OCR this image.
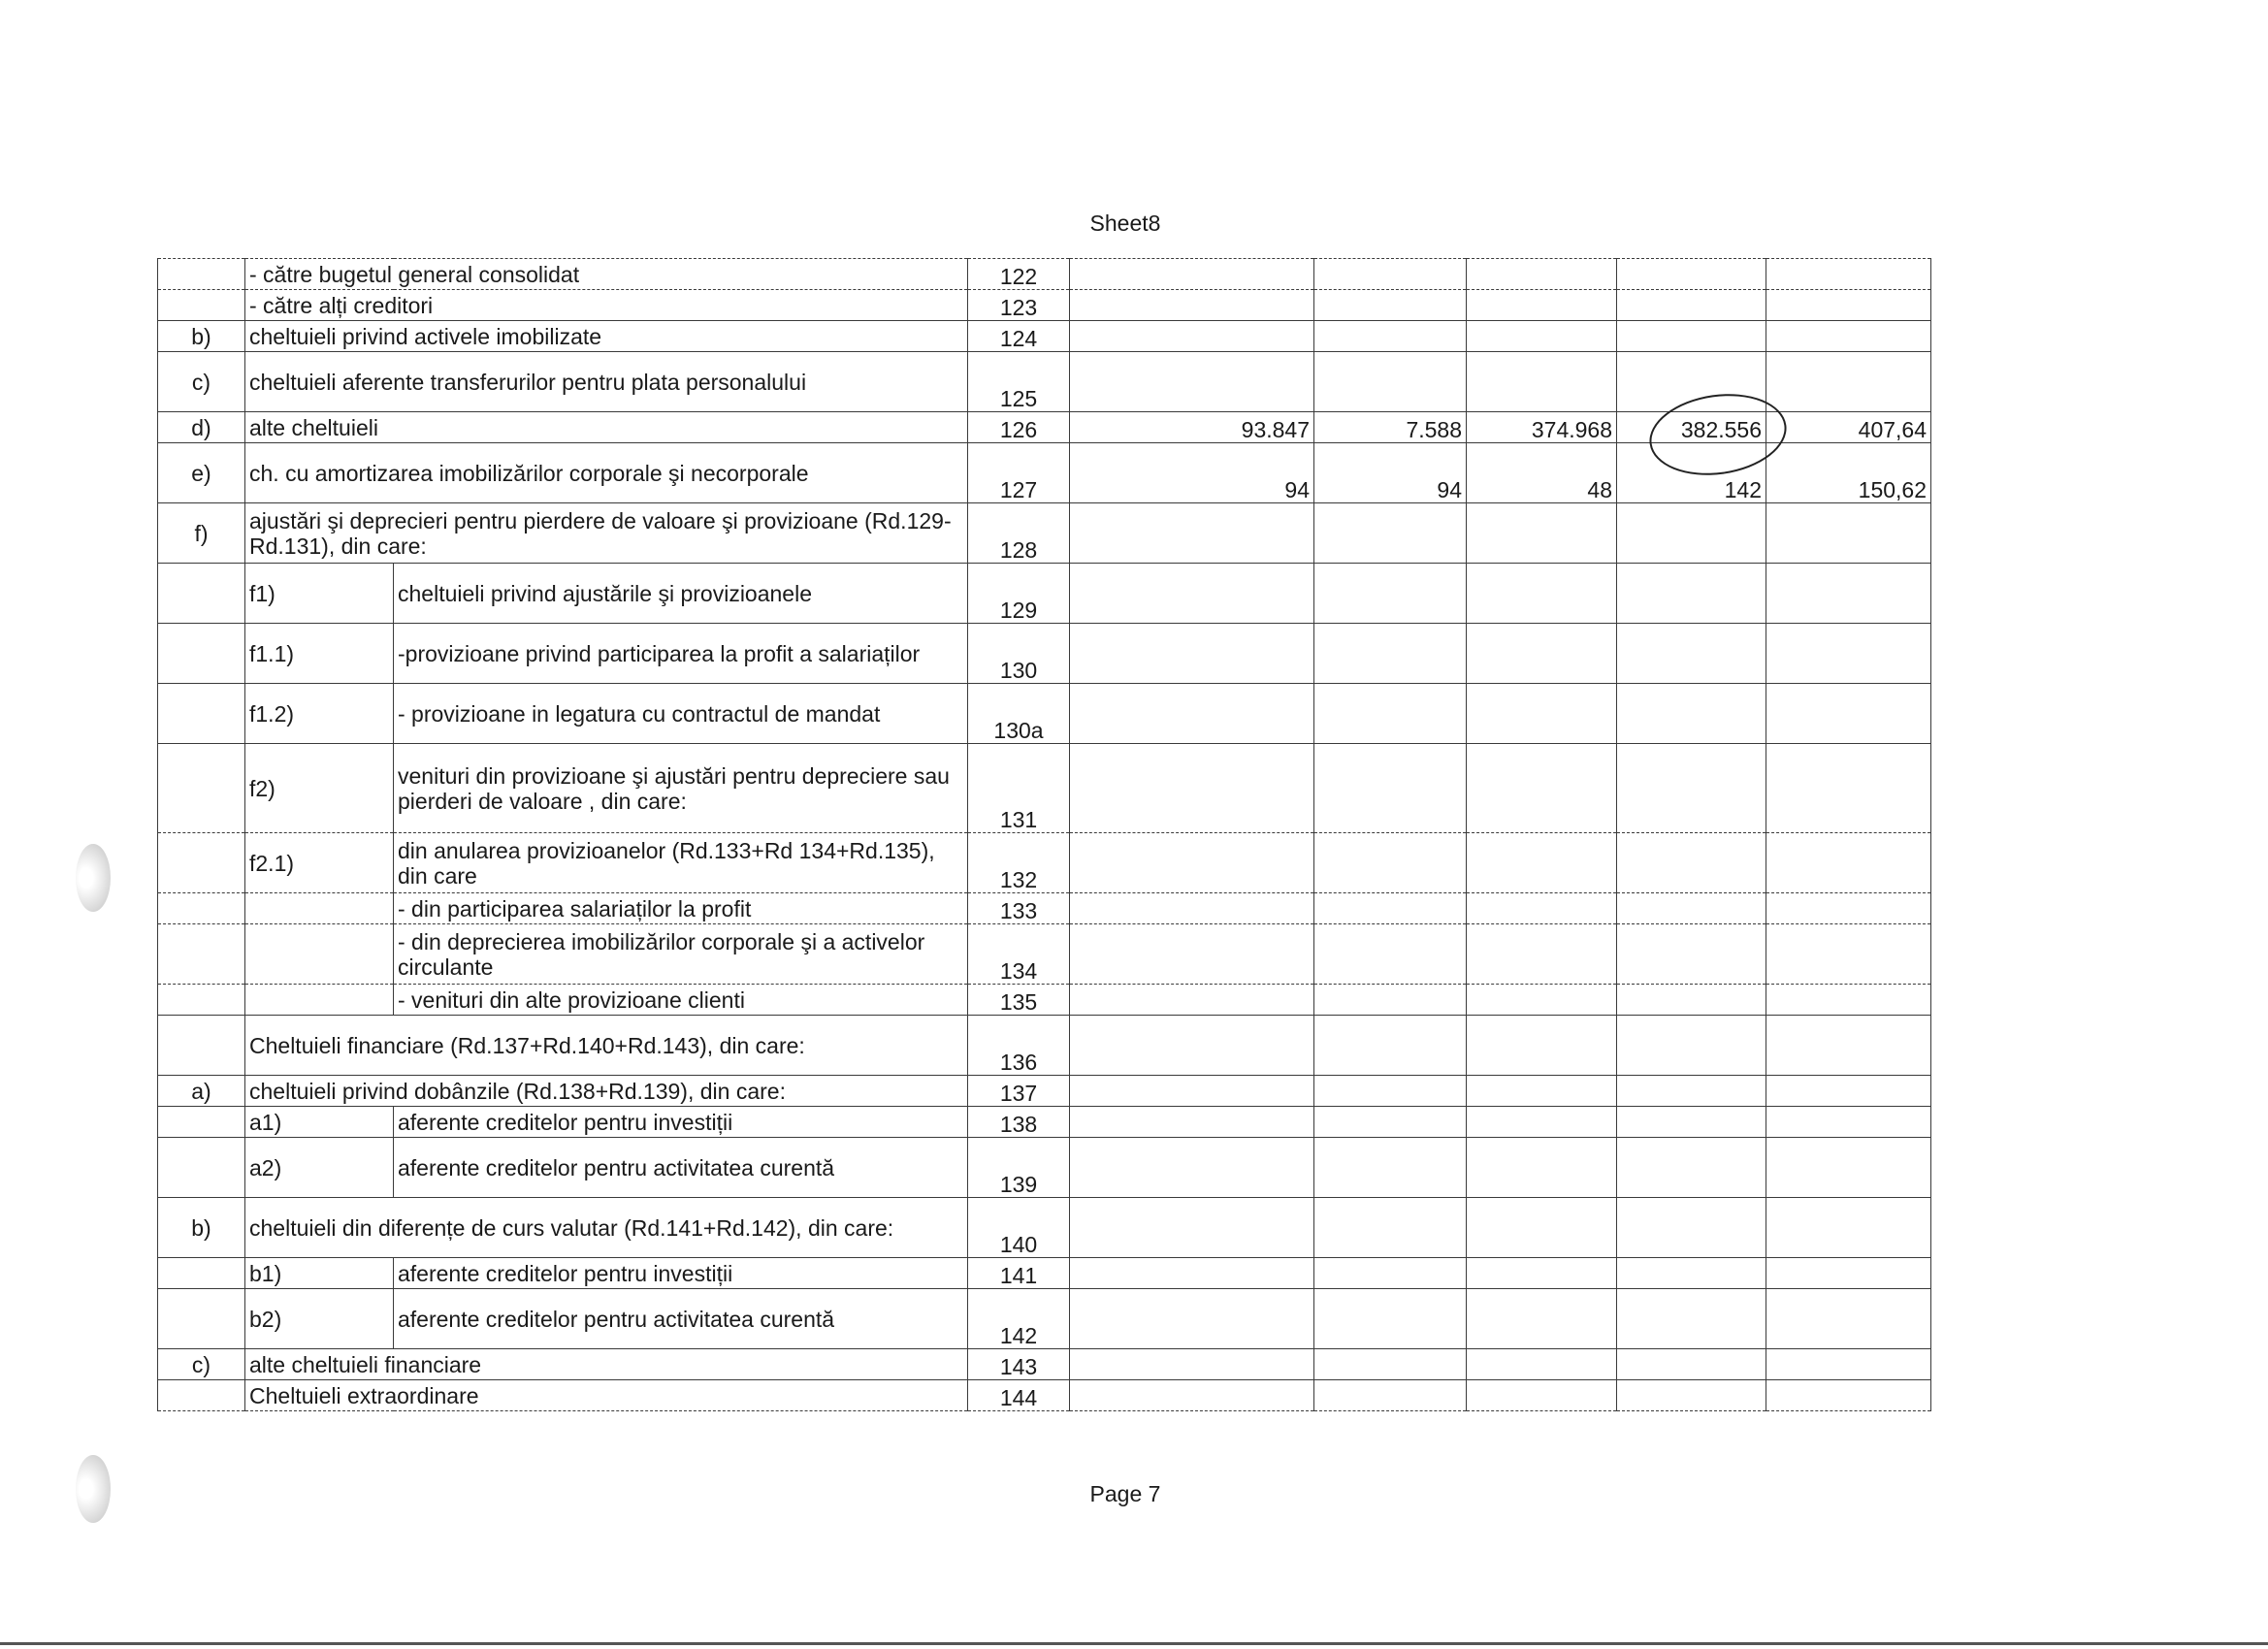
Sheet8
	- către bugetul general consolidat		122					
	- către alți creditori		123					
b)	cheltuieli privind activele imobilizate		124					
c)	cheltuieli aferente transferurilor pentru plata personalului		125					
d)	alte cheltuieli		126	93.847	7.588	374.968	382.556	407,64
e)	ch. cu amortizarea imobilizărilor corporale şi necorporale		127	94	94	48	142	150,62
f)	ajustări şi deprecieri pentru pierdere de valoare şi provizioane (Rd.129-Rd.131), din care:		128					
	f1)	cheltuieli privind ajustările şi provizioanele	129					
	f1.1)	-provizioane privind participarea la profit a salariaților	130					
	f1.2)	- provizioane in legatura cu contractul de mandat	130a					
	f2)	venituri din provizioane şi ajustări pentru depreciere sau pierderi de valoare , din care:	131					
	f2.1)	din anularea provizioanelor (Rd.133+Rd 134+Rd.135), din care	132					
		- din participarea salariaților la profit	133					
		- din deprecierea imobilizărilor corporale şi a activelor circulante	134					
		- venituri din alte provizioane clienti	135					
	Cheltuieli financiare (Rd.137+Rd.140+Rd.143), din care:		136					
a)	cheltuieli privind dobânzile (Rd.138+Rd.139), din care:		137					
	a1)	aferente creditelor pentru investiții	138					
	a2)	aferente creditelor pentru activitatea curentă	139					
b)	cheltuieli din diferențe de curs valutar (Rd.141+Rd.142), din care:		140					
	b1)	aferente creditelor pentru investiții	141					
	b2)	aferente creditelor pentru activitatea curentă	142					
c)	alte cheltuieli financiare		143					
	Cheltuieli extraordinare		144					
Page 7
